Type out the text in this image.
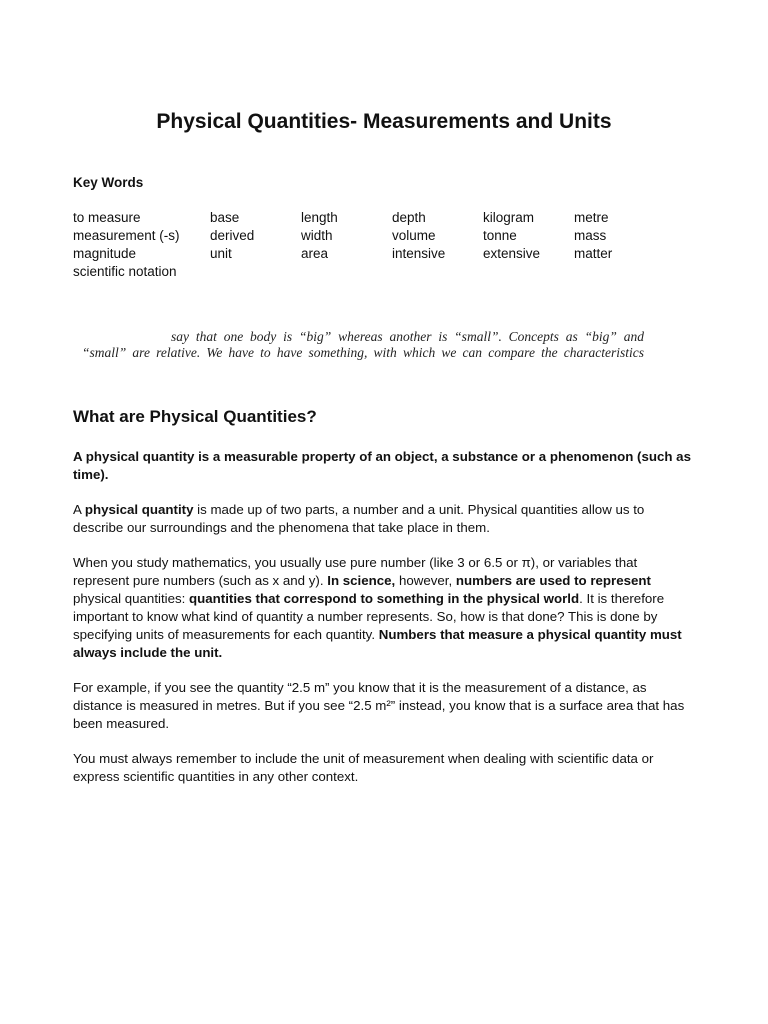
Physical Quantities- Measurements and Units
Key Words
to measure	base	length	depth	kilogram	metre
measurement (-s)	derived	width	volume	tonne	mass
magnitude	unit	area	intensive	extensive	matter
scientific notation
say that one body is “big” whereas another is “small”. Concepts as “big” and
“small” are relative. We have to have something, with which we can compare the characteristics
What are Physical Quantities?
A physical quantity is a measurable property of an object, a substance or a phenomenon (such as time).
A physical quantity is made up of two parts, a number and a unit. Physical quantities allow us to describe our surroundings and the phenomena that take place in them.
When you study mathematics, you usually use pure number (like 3 or 6.5 or π), or variables that represent pure numbers (such as x and y). In science, however, numbers are used to represent physical quantities: quantities that correspond to something in the physical world. It is therefore important to know what kind of quantity a number represents. So, how is that done? This is done by specifying units of measurements for each quantity. Numbers that measure a physical quantity must always include the unit.
For example, if you see the quantity “2.5 m” you know that it is the measurement of a distance, as distance is measured in metres. But if you see “2.5 m²” instead, you know that is a surface area that has been measured.
You must always remember to include the unit of measurement when dealing with scientific data or express scientific quantities in any other context.
